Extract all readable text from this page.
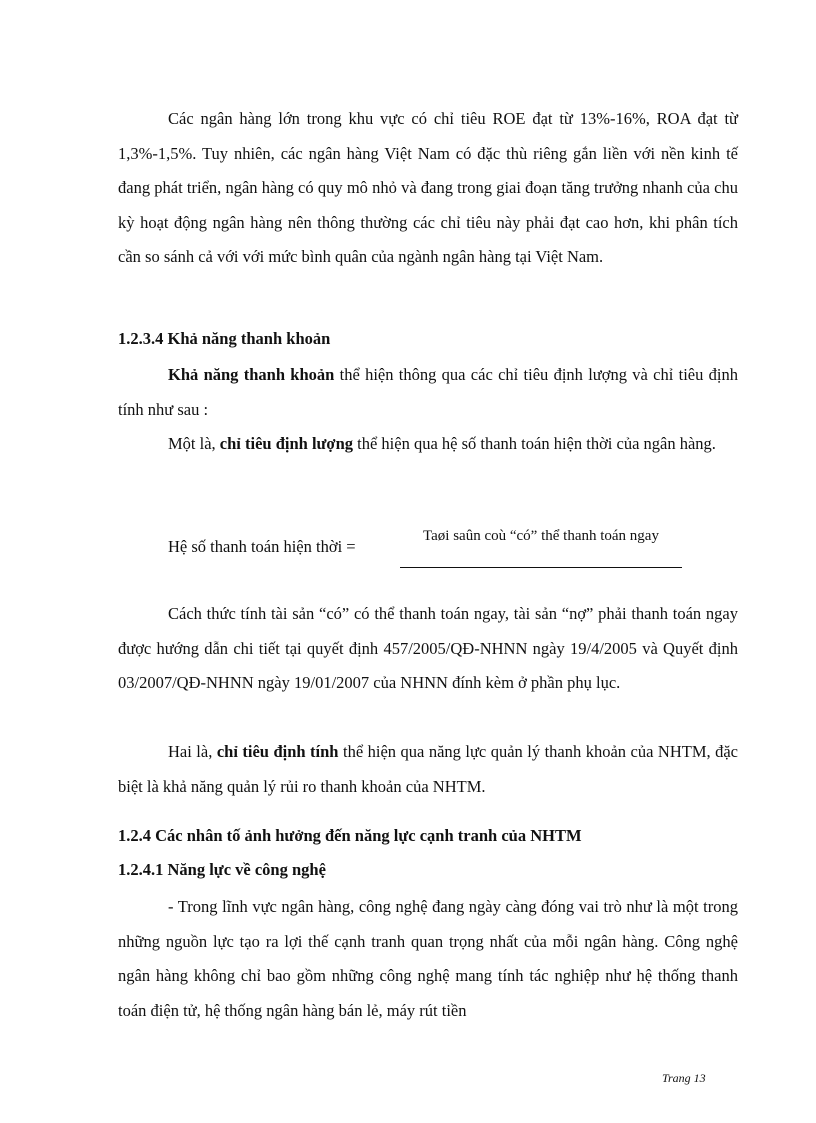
Các ngân hàng lớn trong khu vực có chỉ tiêu ROE đạt từ 13%-16%, ROA đạt từ 1,3%-1,5%. Tuy nhiên, các ngân hàng Việt Nam có đặc thù riêng gắn liền với nền kinh tế đang phát triển, ngân hàng có quy mô nhỏ và đang trong giai đoạn tăng trưởng nhanh của chu kỳ hoạt động ngân hàng nên thông thường các chỉ tiêu này phải đạt cao hơn, khi phân tích cần so sánh cả với với mức bình quân của ngành ngân hàng tại Việt Nam.

1.2.3.4 Khả năng thanh khoản

Khả năng thanh khoản thể hiện thông qua các chỉ tiêu định lượng và chỉ tiêu định tính như sau :

Một là, chỉ tiêu định lượng thể hiện qua hệ số thanh toán hiện thời của ngân hàng.

Hệ số thanh toán hiện thời =
Taøi saûn coù “có” thể thanh toán ngay

Cách thức tính tài sản “có” có thể thanh toán ngay, tài sản “nợ” phải thanh toán ngay được hướng dẫn chi tiết tại quyết định 457/2005/QĐ-NHNN ngày 19/4/2005 và Quyết định 03/2007/QĐ-NHNN ngày 19/01/2007 của NHNN đính kèm ở phần phụ lục.

Hai là, chỉ tiêu định tính thể hiện qua năng lực quản lý thanh khoản của NHTM, đặc biệt là khả năng quản lý rủi ro thanh khoản của NHTM.

1.2.4 Các nhân tố ảnh hưởng đến năng lực cạnh tranh của NHTM
1.2.4.1 Năng lực về công nghệ

- Trong lĩnh vực ngân hàng, công nghệ đang ngày càng đóng vai trò như là một trong những nguồn lực tạo ra lợi thế cạnh tranh quan trọng nhất của mỗi ngân hàng. Công nghệ ngân hàng không chỉ bao gồm những công nghệ mang tính tác nghiệp như hệ thống thanh toán điện tử, hệ thống ngân hàng bán lẻ, máy rút tiền

Trang 13
